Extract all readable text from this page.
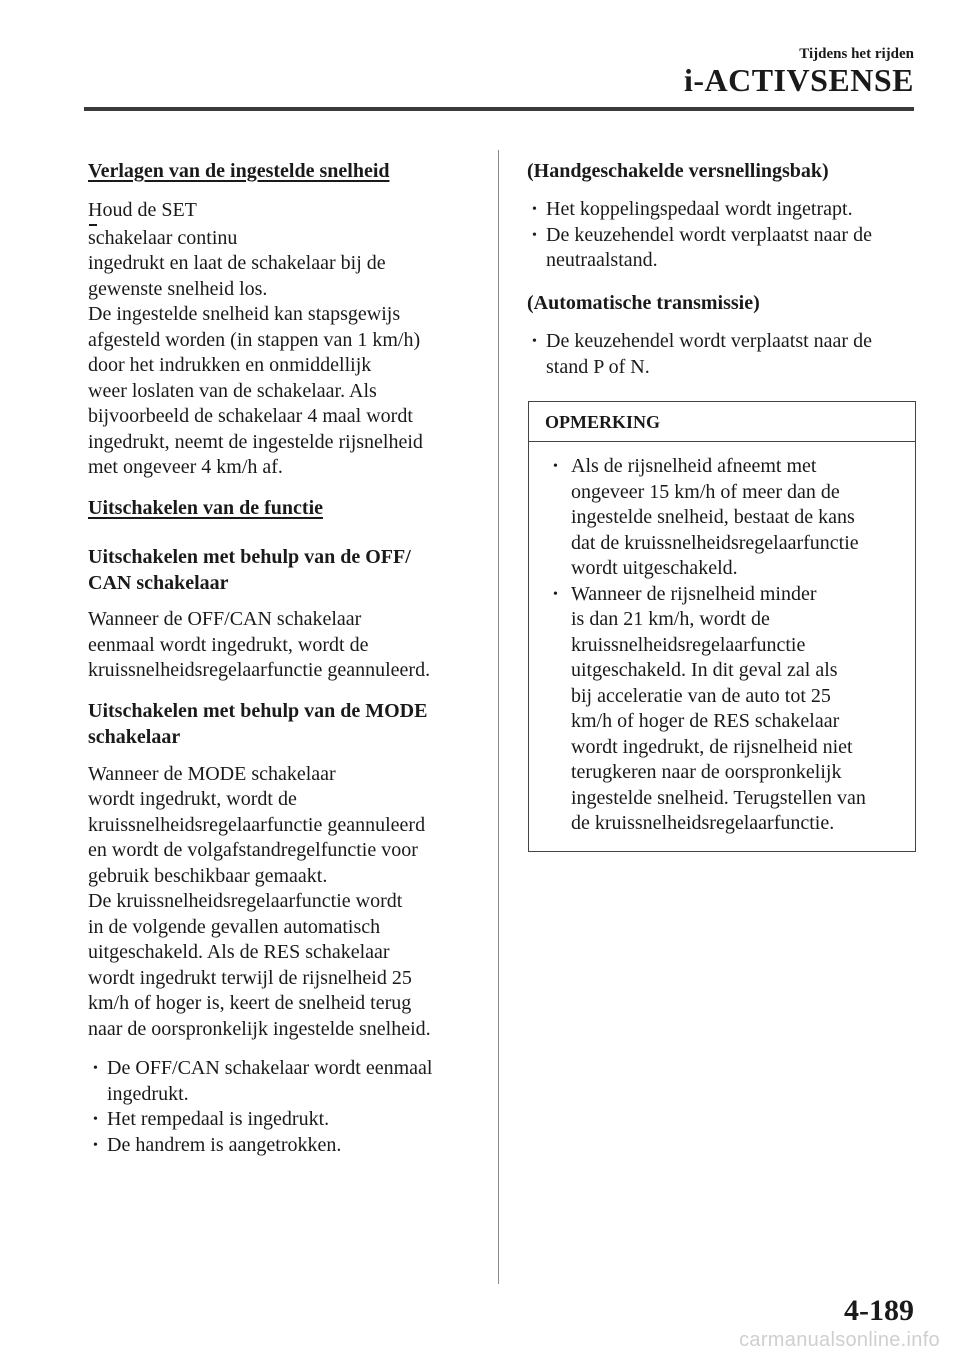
Tijdens het rijden
i-ACTIVSENSE
Verlagen van de ingestelde snelheid
Houd de SET
schakelaar continu
ingedrukt en laat de schakelaar bij de
gewenste snelheid los.
De ingestelde snelheid kan stapsgewijs
afgesteld worden (in stappen van 1 km/h)
door het indrukken en onmiddellijk
weer loslaten van de schakelaar. Als
bijvoorbeeld de schakelaar 4 maal wordt
ingedrukt, neemt de ingestelde rijsnelheid
met ongeveer 4 km/h af.
Uitschakelen van de functie
Uitschakelen met behulp van de OFF/
CAN schakelaar
Wanneer de OFF/CAN schakelaar
eenmaal wordt ingedrukt, wordt de
kruissnelheidsregelaarfunctie geannuleerd.
Uitschakelen met behulp van de MODE
schakelaar
Wanneer de MODE schakelaar
wordt ingedrukt, wordt de
kruissnelheidsregelaarfunctie geannuleerd
en wordt de volgafstandregelfunctie voor
gebruik beschikbaar gemaakt.
De kruissnelheidsregelaarfunctie wordt
in de volgende gevallen automatisch
uitgeschakeld. Als de RES schakelaar
wordt ingedrukt terwijl de rijsnelheid 25
km/h of hoger is, keert de snelheid terug
naar de oorspronkelijk ingestelde snelheid.
• De OFF/CAN schakelaar wordt eenmaal
ingedrukt.
• Het rempedaal is ingedrukt.
• De handrem is aangetrokken.
(Handgeschakelde versnellingsbak)
• Het koppelingspedaal wordt ingetrapt.
• De keuzehendel wordt verplaatst naar de
neutraalstand.
(Automatische transmissie)
• De keuzehendel wordt verplaatst naar de
stand P of N.
OPMERKING
• Als de rijsnelheid afneemt met
ongeveer 15 km/h of meer dan de
ingestelde snelheid, bestaat de kans
dat de kruissnelheidsregelaarfunctie
wordt uitgeschakeld.
• Wanneer de rijsnelheid minder
is dan 21 km/h, wordt de
kruissnelheidsregelaarfunctie
uitgeschakeld. In dit geval zal als
bij acceleratie van de auto tot 25
km/h of hoger de RES schakelaar
wordt ingedrukt, de rijsnelheid niet
terugkeren naar de oorspronkelijk
ingestelde snelheid. Terugstellen van
de kruissnelheidsregelaarfunctie.
4-189
carmanualsonline.info
